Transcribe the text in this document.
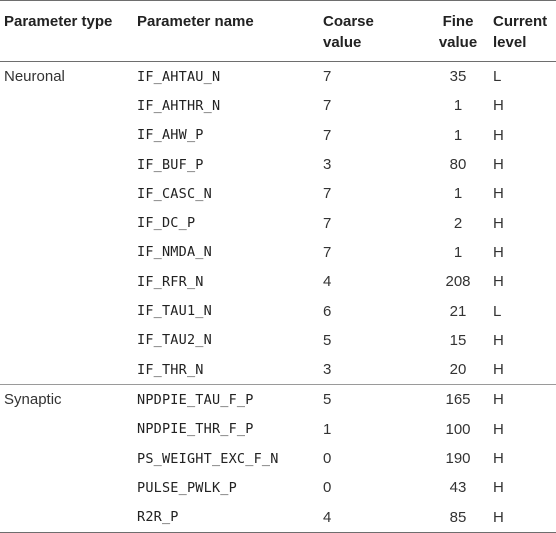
Parameter type	Parameter name	Coarse value	Fine value	Current level
Neuronal	IF_AHTAU_N	7	35	L
	IF_AHTHR_N	7	1	H
	IF_AHW_P	7	1	H
	IF_BUF_P	3	80	H
	IF_CASC_N	7	1	H
	IF_DC_P	7	2	H
	IF_NMDA_N	7	1	H
	IF_RFR_N	4	208	H
	IF_TAU1_N	6	21	L
	IF_TAU2_N	5	15	H
	IF_THR_N	3	20	H
Synaptic	NPDPIE_TAU_F_P	5	165	H
	NPDPIE_THR_F_P	1	100	H
	PS_WEIGHT_EXC_F_N	0	190	H
	PULSE_PWLK_P	0	43	H
	R2R_P	4	85	H
